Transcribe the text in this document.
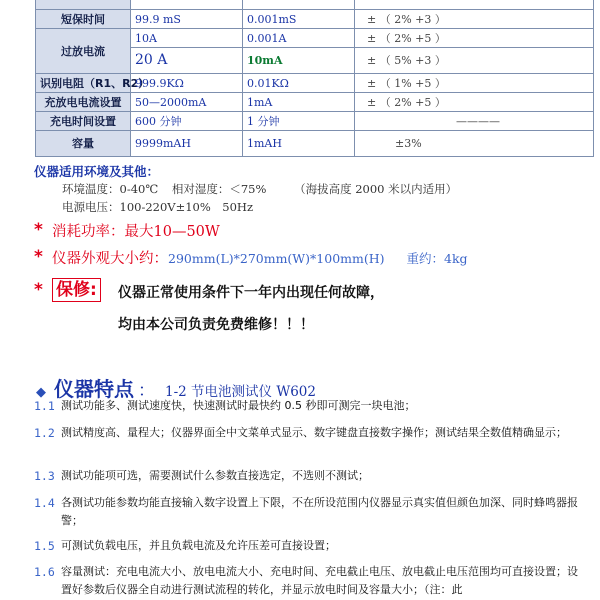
短保时间	99.9 mS	0.001mS	± （ 2% +3 ）
过放电流	10A	0.001A	± （ 2% +5 ）
	20 A	10mA	± （ 5% +3 ）
识别电阻（R1、R2）	999.9KΩ	0.01KΩ	± （ 1% +5 ）
充放电电流设置	50—2000mA	1mA	± （ 2% +5 ）
充电时间设置	600 分钟	1 分钟	————
容量	9999mAH	1mAH	±3%
仪器适用环境及其他：
环境温度：0-40℃ 相对湿度：＜75% （海拔高度 2000 米以内适用）
电源电压：100-220V±10%　50Hz
* 消耗功率：最大10—50W
* 仪器外观大小约：290mm(L)*270mm(W)*100mm(H) 重约：4kg
* 保修: 仪器正常使用条件下一年内出现任何故障，
均由本公司负责免费维修！！！
◆ 仪器特点 ： 1-2 节电池测试仪 W602
1.1 测试功能多、测试速度快，快速测试时最快约 0.5 秒即可测完一块电池；
1.2 测试精度高、量程大；仪器界面全中文菜单式显示、数字键盘直接数字操作；测试结果全数值精确显示；
1.3 测试功能项可选，需要测试什么参数直接选定，不选则不测试；
1.4 各测试功能参数均能直接输入数字设置上下限，不在所设范围内仪器显示真实值但颜色加深、同时蜂鸣器报警；
1.5 可测试负载电压，并且负载电流及允许压差可直接设置；
1.6 容量测试：充电电流大小、放电电流大小、充电时间、充电截止电压、放电截止电压范围均可直接设置；设置好参数后仪器全自动进行测试流程的转化，并显示放电时间及容量大小；（注：此
